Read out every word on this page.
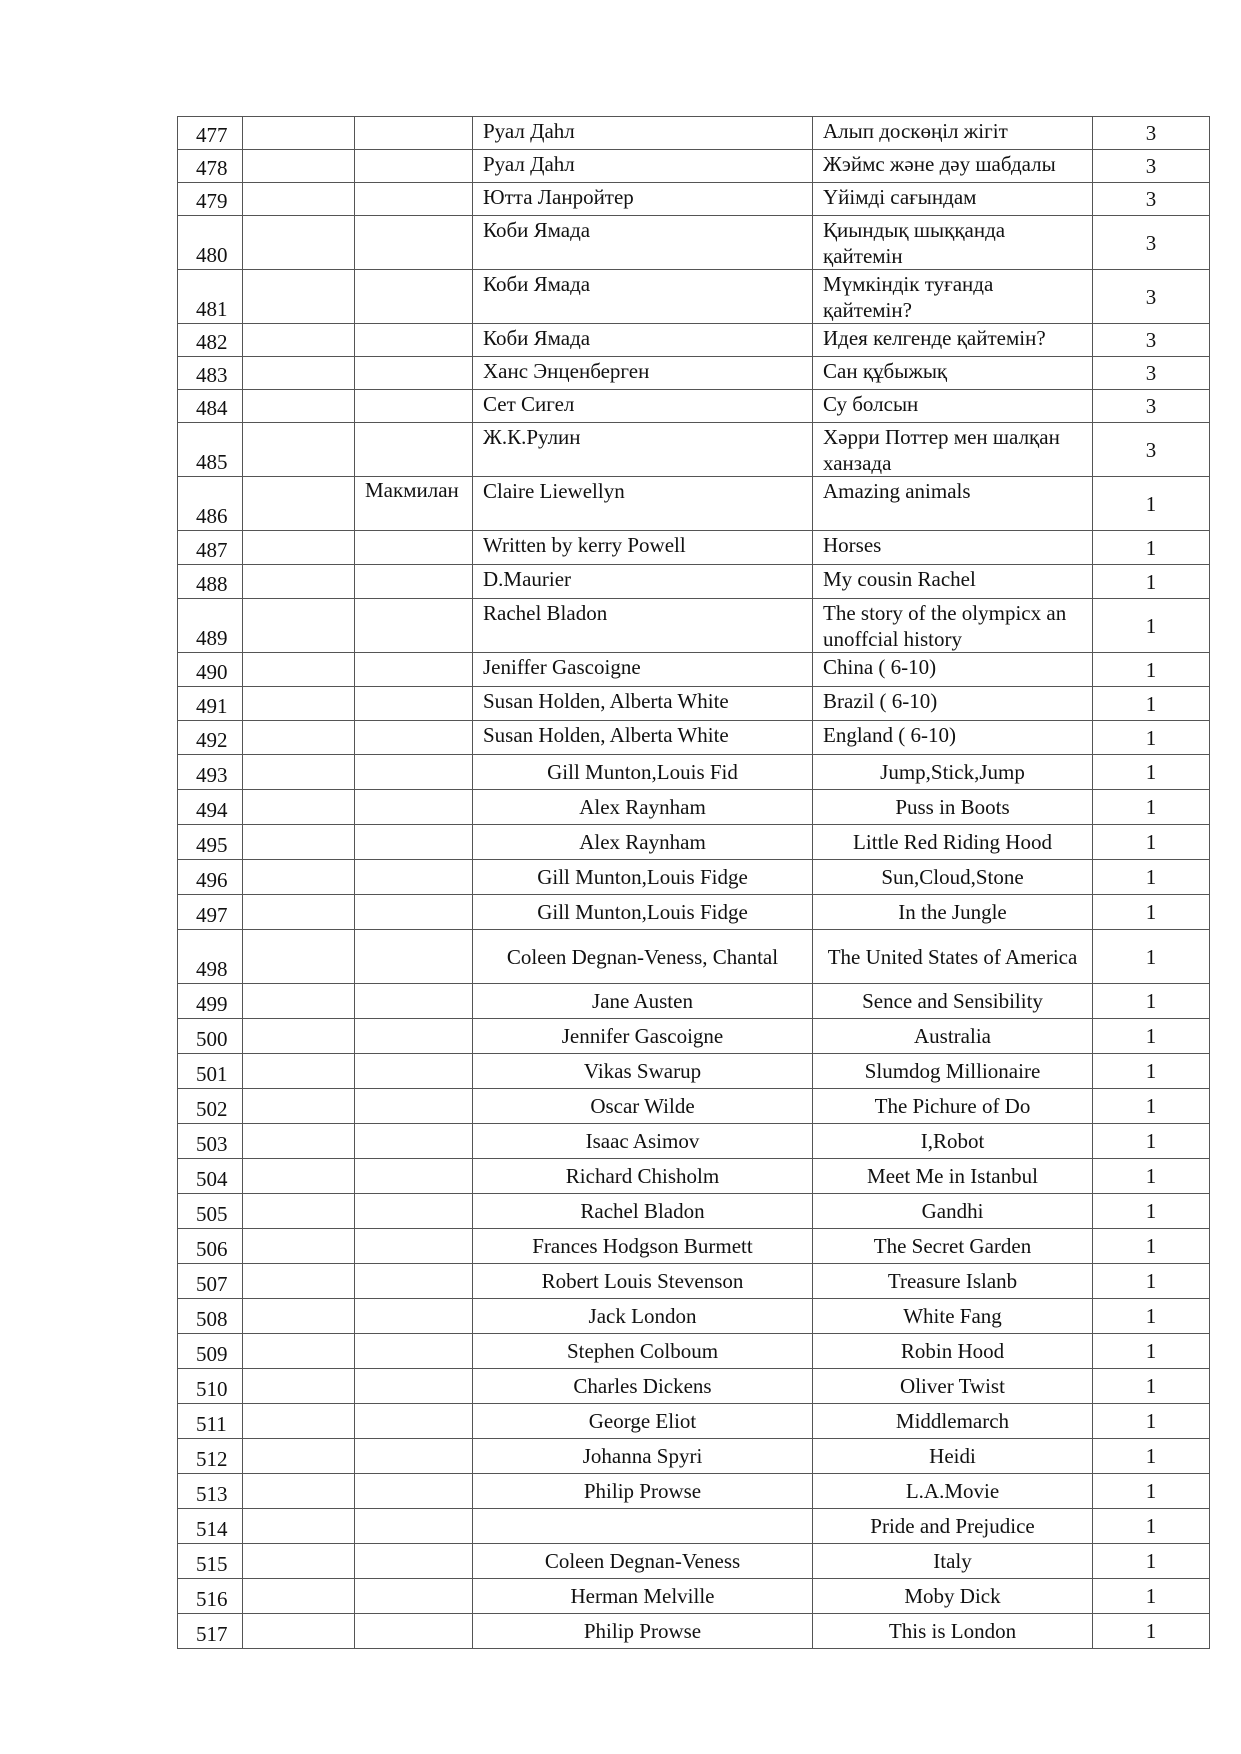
477			Руал Даһл	Алып доскөңіл жігіт	3
478			Руал Даһл	Жэймс және дәу шабдалы	3
479			Ютта Ланройтер	Үйімді сағындам	3
480			Коби Ямада	Қиындық шыққанда қайтемін	3
481			Коби Ямада	Мүмкіндік туғанда қайтемін?	3
482			Коби Ямада	Идея келгенде қайтемін?	3
483			Ханс Энценберген	Сан құбыжық	3
484			Сет Сигел	Су болсын	3
485			Ж.К.Рулин	Хәрри Поттер мен шалқан ханзада	3
486		Макмилан	Claire Liewellyn	Amazing animals	1
487			Written by kerry Powell	Horses	1
488			D.Maurier	My cousin Rachel	1
489			Rachel Bladon	The story of the olympicx an unoffcial history	1
490			Jeniffer Gascoigne	China ( 6-10)	1
491			Susan Holden, Alberta White	Brazil ( 6-10)	1
492			Susan Holden, Alberta White	England ( 6-10)	1
493			Gill Munton,Louis Fid	Jump,Stick,Jump	1
494			Alex Raynham	Puss in Boots	1
495			Alex Raynham	Little Red Riding Hood	1
496			Gill Munton,Louis Fidge	Sun,Cloud,Stone	1
497			Gill Munton,Louis Fidge	In the Jungle	1
498			Coleen Degnan-Veness, Chantal	The United States of America	1
499			Jane Austen	Sence and Sensibility	1
500			Jennifer Gascoigne	Australia	1
501			Vikas Swarup	Slumdog Millionaire	1
502			Oscar Wilde	The Pichure of Do	1
503			Isaac Asimov	I,Robot	1
504			Richard Chisholm	Meet Me in Istanbul	1
505			Rachel Bladon	Gandhi	1
506			Frances Hodgson Burmett	The Secret Garden	1
507			Robert Louis Stevenson	Treasure Islanb	1
508			Jack London	White Fang	1
509			Stephen Colboum	Robin Hood	1
510			Charles Dickens	Oliver Twist	1
511			George Eliot	Middlemarch	1
512			Johanna Spyri	Heidi	1
513			Philip Prowse	L.A.Movie	1
514				Pride and Prejudice	1
515			Coleen Degnan-Veness	Italy	1
516			Herman Melville	Moby Dick	1
517			Philip Prowse	This is London	1
